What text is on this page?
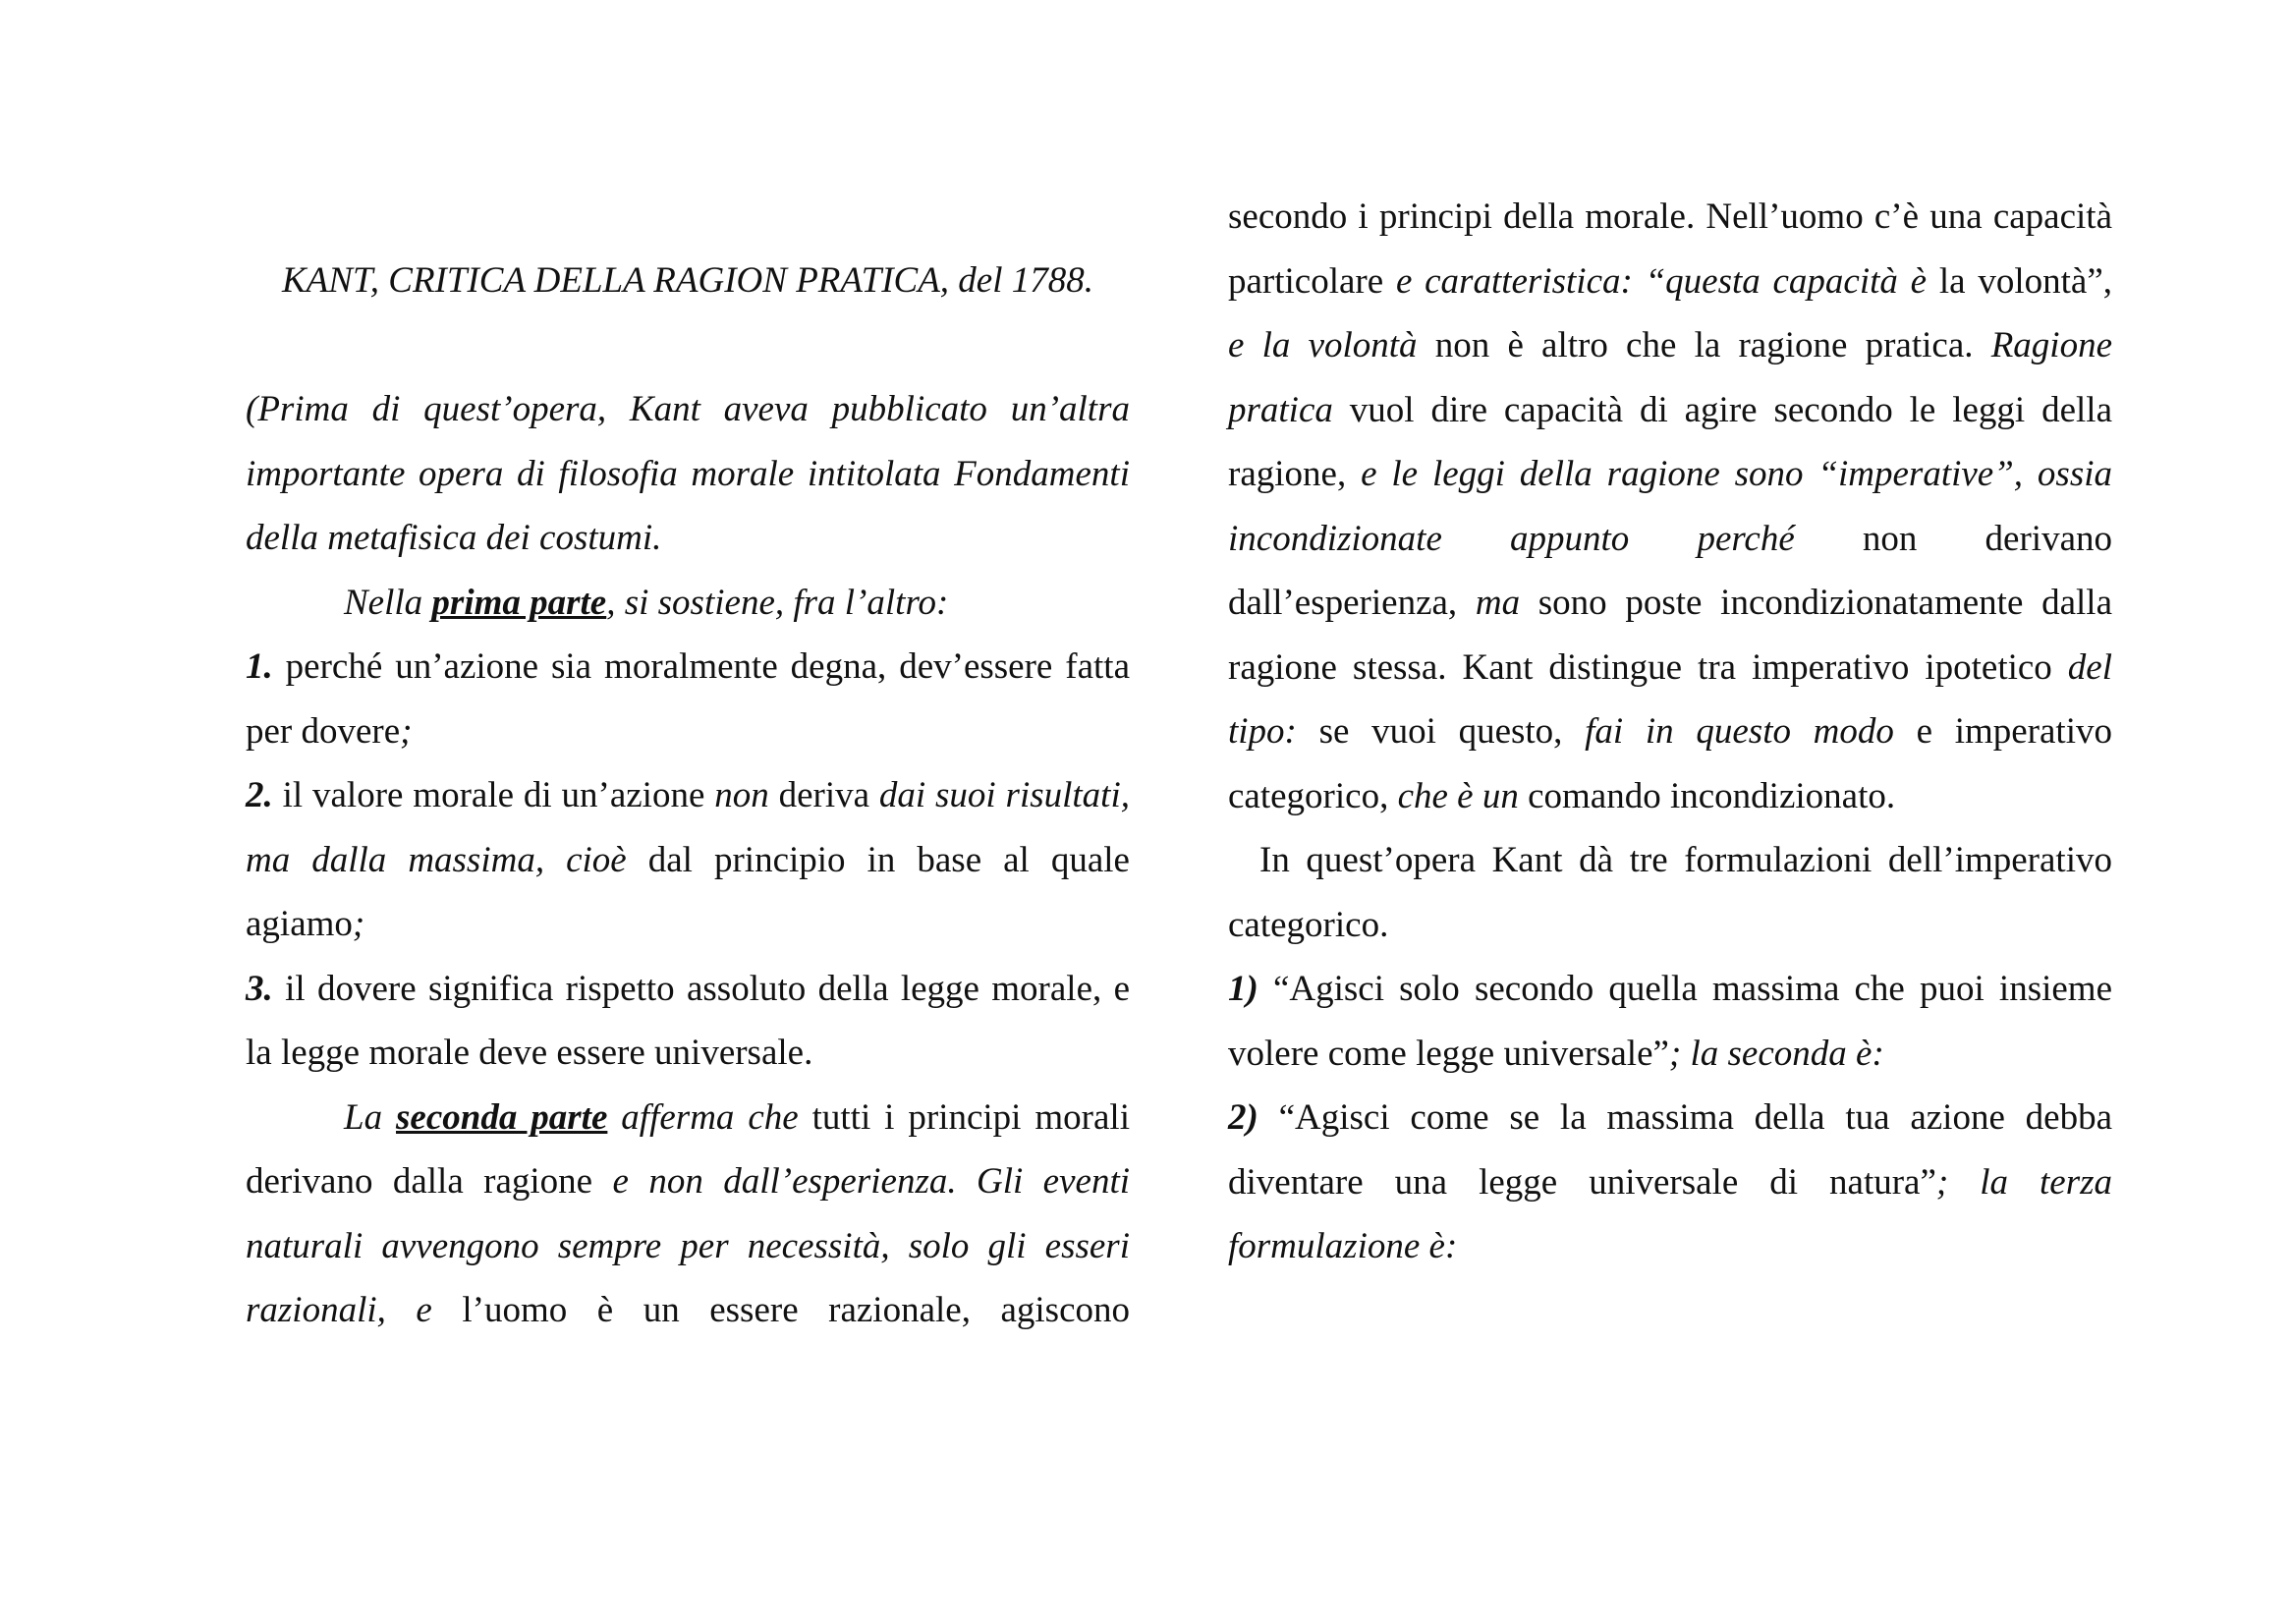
KANT, CRITICA DELLA RAGION PRATICA, del 1788.

(Prima di quest’opera, Kant aveva pubblicato un’altra importante opera di filosofia morale intitolata Fondamenti della metafisica dei costumi.

Nella prima parte, si sostiene, fra l’altro:

1. perché un’azione sia moralmente degna, dev’essere fatta per dovere;

2. il valore morale di un’azione non deriva dai suoi risultati, ma dalla massima, cioè dal principio in base al quale agiamo;

3. il dovere significa rispetto assoluto della legge morale, e la legge morale deve essere universale.

La seconda parte afferma che tutti i principi morali derivano dalla ragione e non dall’esperienza. Gli eventi naturali avvengono sempre per necessità, solo gli esseri razionali, e l’uomo è un essere razionale, agiscono

secondo i principi della morale. Nell’uomo c’è una capacità particolare e caratteristica: “questa capacità è la volontà”, e la volontà non è altro che la ragione pratica. Ragione pratica vuol dire capacità di agire secondo le leggi della ragione, e le leggi della ragione sono “imperative”, ossia incondizionate appunto perché non derivano dall’esperienza, ma sono poste incondizionatamente dalla ragione stessa. Kant distingue tra imperativo ipotetico del tipo: se vuoi questo, fai in questo modo e imperativo categorico, che è un comando incondizionato.

In quest’opera Kant dà tre formulazioni dell’imperativo categorico.

1) “Agisci solo secondo quella massima che puoi insieme volere come legge universale”; la seconda è:

2) “Agisci come se la massima della tua azione debba diventare una legge universale di natura”; la terza formulazione è:
